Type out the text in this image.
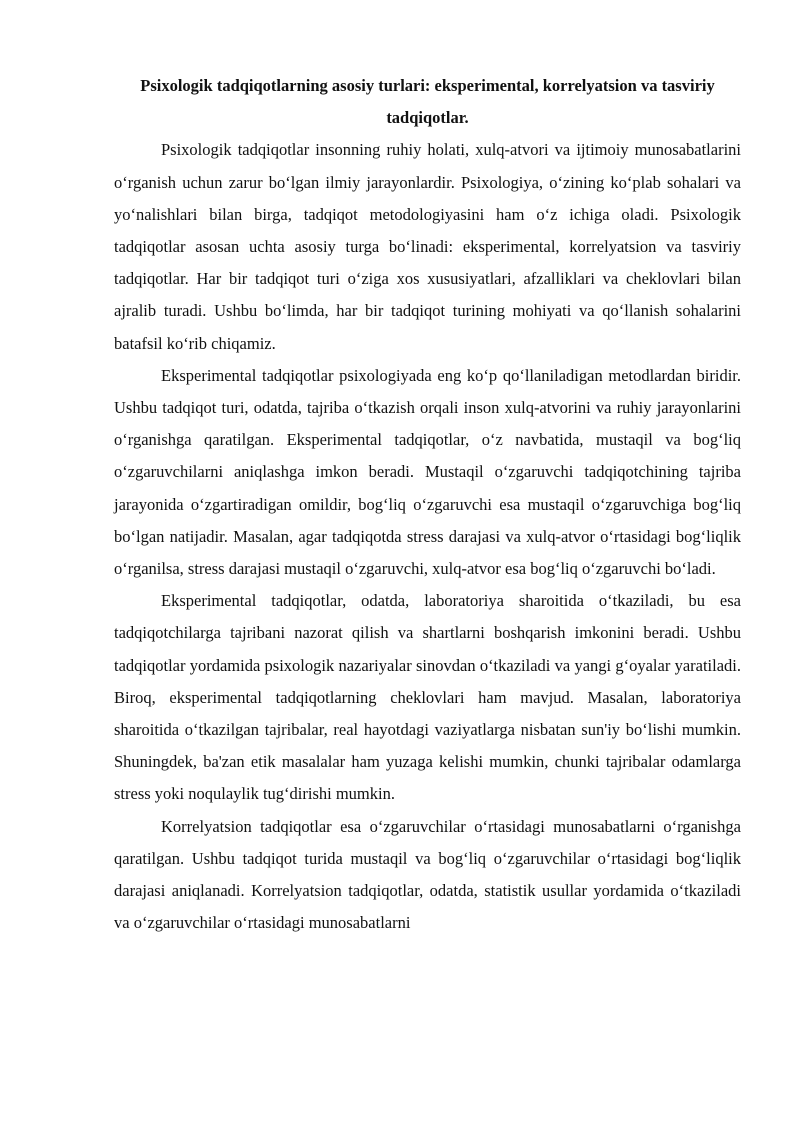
Psixologik tadqiqotlarning asosiy turlari: eksperimental, korrelyatsion va tasviriy tadqiqotlar.

Psixologik tadqiqotlar insonning ruhiy holati, xulq-atvori va ijtimoiy munosabatlarini o‘rganish uchun zarur bo‘lgan ilmiy jarayonlardir. Psixologiya, o‘zining ko‘plab sohalari va yo‘nalishlari bilan birga, tadqiqot metodologiyasini ham o‘z ichiga oladi. Psixologik tadqiqotlar asosan uchta asosiy turga bo‘linadi: eksperimental, korrelyatsion va tasviriy tadqiqotlar. Har bir tadqiqot turi o‘ziga xos xususiyatlari, afzalliklari va cheklovlari bilan ajralib turadi. Ushbu bo‘limda, har bir tadqiqot turining mohiyati va qo‘llanish sohalarini batafsil ko‘rib chiqamiz.

Eksperimental tadqiqotlar psixologiyada eng ko‘p qo‘llaniladigan metodlardan biridir. Ushbu tadqiqot turi, odatda, tajriba o‘tkazish orqali inson xulq-atvorini va ruhiy jarayonlarini o‘rganishga qaratilgan. Eksperimental tadqiqotlar, o‘z navbatida, mustaqil va bog‘liq o‘zgaruvchilarni aniqlashga imkon beradi. Mustaqil o‘zgaruvchi tadqiqotchining tajriba jarayonida o‘zgartiradigan omildir, bog‘liq o‘zgaruvchi esa mustaqil o‘zgaruvchiga bog‘liq bo‘lgan natijadir. Masalan, agar tadqiqotda stress darajasi va xulq-atvor o‘rtasidagi bog‘liqlik o‘rganilsa, stress darajasi mustaqil o‘zgaruvchi, xulq-atvor esa bog‘liq o‘zgaruvchi bo‘ladi.

Eksperimental tadqiqotlar, odatda, laboratoriya sharoitida o‘tkaziladi, bu esa tadqiqotchilarga tajribani nazorat qilish va shartlarni boshqarish imkonini beradi. Ushbu tadqiqotlar yordamida psixologik nazariyalar sinovdan o‘tkaziladi va yangi g‘oyalar yaratiladi. Biroq, eksperimental tadqiqotlarning cheklovlari ham mavjud. Masalan, laboratoriya sharoitida o‘tkazilgan tajribalar, real hayotdagi vaziyatlarga nisbatan sun'iy bo‘lishi mumkin. Shuningdek, ba'zan etik masalalar ham yuzaga kelishi mumkin, chunki tajribalar odamlarga stress yoki noqulaylik tug‘dirishi mumkin.

Korrelyatsion tadqiqotlar esa o‘zgaruvchilar o‘rtasidagi munosabatlarni o‘rganishga qaratilgan. Ushbu tadqiqot turida mustaqil va bog‘liq o‘zgaruvchilar o‘rtasidagi bog‘liqlik darajasi aniqlanadi. Korrelyatsion tadqiqotlar, odatda, statistik usullar yordamida o‘tkaziladi va o‘zgaruvchilar o‘rtasidagi munosabatlarni
